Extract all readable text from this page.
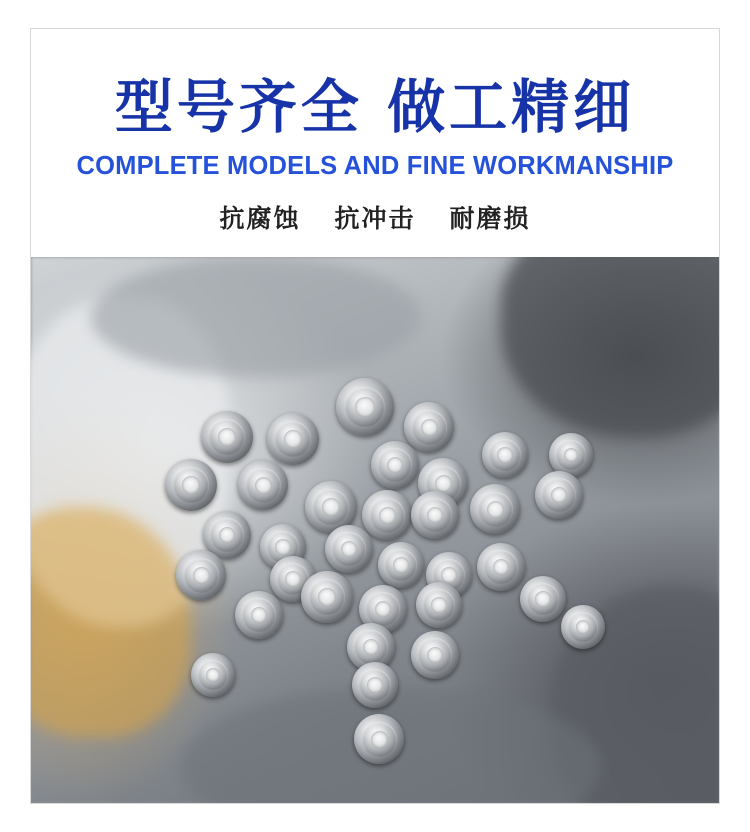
型号齐全 做工精细
COMPLETE MODELS AND FINE WORKMANSHIP

抗腐蚀 抗冲击 耐磨损
